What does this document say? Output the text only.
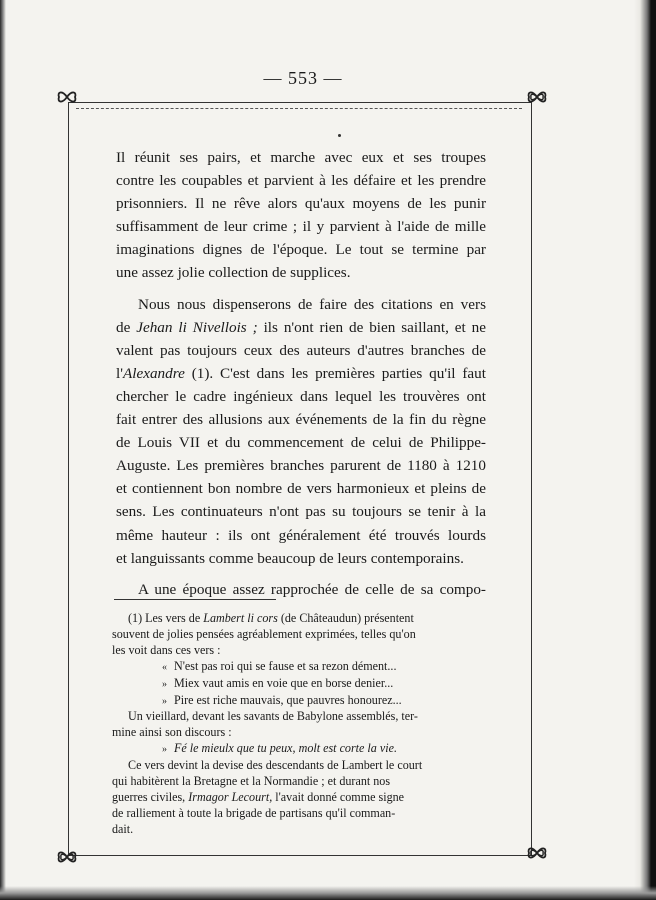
— 553 —

Il réunit ses pairs, et marche avec eux et ses troupes
contre les coupables et parvient à les défaire et les prendre
prisonniers. Il ne rêve alors qu'aux moyens de les punir
suffisamment de leur crime ; il y parvient à l'aide de mille
imaginations dignes de l'époque. Le tout se termine par
une assez jolie collection de supplices.

Nous nous dispenserons de faire des citations en vers
de Jehan li Nivellois ; ils n'ont rien de bien saillant, et ne
valent pas toujours ceux des auteurs d'autres branches de
l'Alexandre (1). C'est dans les premières parties qu'il faut
chercher le cadre ingénieux dans lequel les trouvères ont
fait entrer des allusions aux événements de la fin du règne
de Louis VII et du commencement de celui de Philippe-
Auguste. Les premières branches parurent de 1180 à 1210
et contiennent bon nombre de vers harmonieux et pleins de
sens. Les continuateurs n'ont pas su toujours se tenir à la
même hauteur : ils ont généralement été trouvés lourds
et languissants comme beaucoup de leurs contemporains.

A une époque assez rapprochée de celle de sa compo-

(1) Les vers de Lambert li cors (de Châteaudun) présentent
souvent de jolies pensées agréablement exprimées, telles qu'on
les voit dans ces vers :
« N'est pas roi qui se fause et sa rezon dément...
» Miex vaut amis en voie que en borse denier...
» Pire est riche mauvais, que pauvres honourez...
Un vieillard, devant les savants de Babylone assemblés, ter-
mine ainsi son discours :
» Fé le mieulx que tu peux, molt est corte la vie.
Ce vers devint la devise des descendants de Lambert le court
qui habitèrent la Bretagne et la Normandie ; et durant nos
guerres civiles, Irmagor Lecourt, l'avait donné comme signe
de ralliement à toute la brigade de partisans qu'il comman-
dait.
